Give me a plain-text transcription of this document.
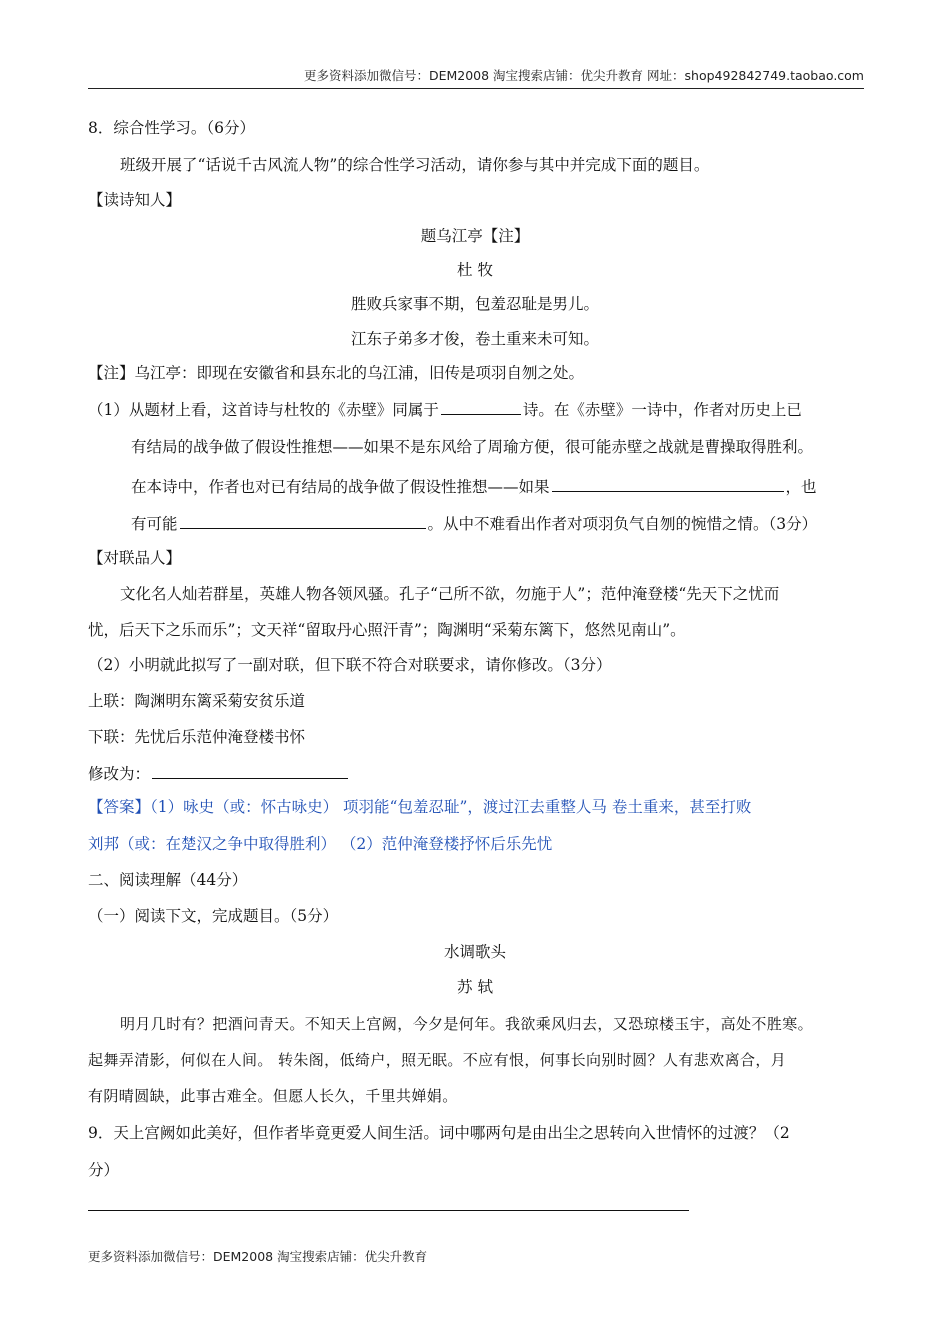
更多资料添加微信号：DEM2008 淘宝搜索店铺：优尖升教育 网址：shop492842749.taobao.com
8．综合性学习。（6分）
班级开展了“话说千古风流人物”的综合性学习活动，请你参与其中并完成下面的题目。
【读诗知人】
题乌江亭【注】
杜 牧
胜败兵家事不期，包羞忍耻是男儿。
江东子弟多才俊，卷土重来未可知。
【注】乌江亭：即现在安徽省和县东北的乌江浦，旧传是项羽自刎之处。
（1）从题材上看，这首诗与杜牧的《赤壁》同属于	诗。在《赤壁》一诗中，作者对历史上已
有结局的战争做了假设性推想——如果不是东风给了周瑜方便，很可能赤壁之战就是曹操取得胜利。
在本诗中，作者也对已有结局的战争做了假设性推想——如果	，也
有可能	。从中不难看出作者对项羽负气自刎的惋惜之情。（3分）
【对联品人】
文化名人灿若群星，英雄人物各领风骚。孔子“己所不欲，勿施于人”；范仲淹登楼“先天下之忧而
忧，后天下之乐而乐”；文天祥“留取丹心照汗青”；陶渊明“采菊东篱下，悠然见南山”。
（2）小明就此拟写了一副对联，但下联不符合对联要求，请你修改。（3分）
上联：陶渊明东篱采菊安贫乐道
下联：先忧后乐范仲淹登楼书怀
修改为：
【答案】（1）咏史（或：怀古咏史） 项羽能“包羞忍耻”，渡过江去重整人马 卷土重来，甚至打败
刘邦（或：在楚汉之争中取得胜利） （2）范仲淹登楼抒怀后乐先忧
二、阅读理解（44分）
（一）阅读下文，完成题目。（5分）
水调歌头
苏 轼
明月几时有？把酒问青天。不知天上宫阙，今夕是何年。我欲乘风归去，又恐琼楼玉宇，高处不胜寒。
起舞弄清影，何似在人间。 转朱阁，低绮户，照无眠。不应有恨，何事长向别时圆？人有悲欢离合，月
有阴晴圆缺，此事古难全。但愿人长久，千里共婵娟。
9．天上宫阙如此美好，但作者毕竟更爱人间生活。词中哪两句是由出尘之思转向入世情怀的过渡？（2
分）
更多资料添加微信号：DEM2008 淘宝搜索店铺：优尖升教育
